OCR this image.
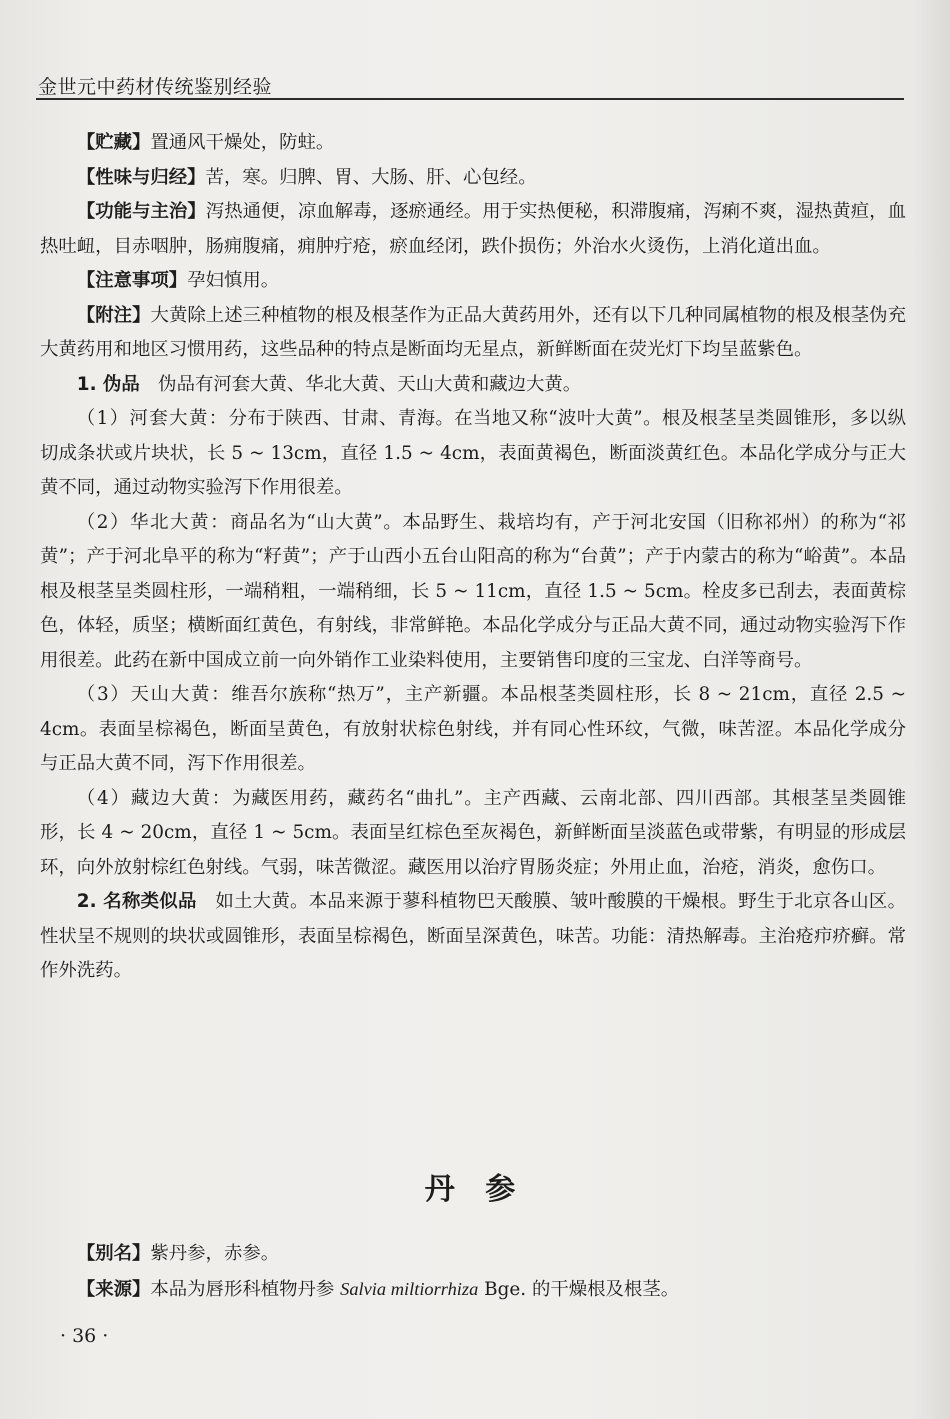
金世元中药材传统鉴别经验

【贮藏】置通风干燥处，防蛀。

【性味与归经】苦，寒。归脾、胃、大肠、肝、心包经。

【功能与主治】泻热通便，凉血解毒，逐瘀通经。用于实热便秘，积滞腹痛，泻痢不爽，湿热黄疸，血热吐衄，目赤咽肿，肠痈腹痛，痈肿疔疮，瘀血经闭，跌仆损伤；外治水火烫伤，上消化道出血。

【注意事项】孕妇慎用。

【附注】大黄除上述三种植物的根及根茎作为正品大黄药用外，还有以下几种同属植物的根及根茎伪充大黄药用和地区习惯用药，这些品种的特点是断面均无星点，新鲜断面在荧光灯下均呈蓝紫色。

1. 伪品　 伪品有河套大黄、华北大黄、天山大黄和藏边大黄。

（1）河套大黄：分布于陕西、甘肃、青海。在当地又称“波叶大黄”。根及根茎呈类圆锥形，多以纵切成条状或片块状，长 5 ~ 13cm，直径 1.5 ~ 4cm，表面黄褐色，断面淡黄红色。本品化学成分与正大黄不同，通过动物实验泻下作用很差。

（2）华北大黄：商品名为“山大黄”。本品野生、栽培均有，产于河北安国（旧称祁州）的称为“祁黄”；产于河北阜平的称为“籽黄”；产于山西小五台山阳高的称为“台黄”；产于内蒙古的称为“峪黄”。本品根及根茎呈类圆柱形，一端稍粗，一端稍细，长 5 ~ 11cm，直径 1.5 ~ 5cm。栓皮多已刮去，表面黄棕色，体轻，质坚；横断面红黄色，有射线，非常鲜艳。本品化学成分与正品大黄不同，通过动物实验泻下作用很差。此药在新中国成立前一向外销作工业染料使用，主要销售印度的三宝龙、白洋等商号。

（3）天山大黄：维吾尔族称“热万”，主产新疆。本品根茎类圆柱形，长 8 ~ 21cm，直径 2.5 ~ 4cm。表面呈棕褐色，断面呈黄色，有放射状棕色射线，并有同心性环纹，气微，味苦涩。本品化学成分与正品大黄不同，泻下作用很差。

（4）藏边大黄：为藏医用药，藏药名“曲扎”。主产西藏、云南北部、四川西部。其根茎呈类圆锥形，长 4 ~ 20cm，直径 1 ~ 5cm。表面呈红棕色至灰褐色，新鲜断面呈淡蓝色或带紫，有明显的形成层环，向外放射棕红色射线。气弱，味苦微涩。藏医用以治疗胃肠炎症；外用止血，治疮，消炎，愈伤口。

2. 名称类似品　 如土大黄。本品来源于蓼科植物巴天酸膜、皱叶酸膜的干燥根。野生于北京各山区。性状呈不规则的块状或圆锥形，表面呈棕褐色，断面呈深黄色，味苦。功能：清热解毒。主治疮疖疥癣。常作外洗药。

丹 参

【别名】紫丹参，赤参。

【来源】本品为唇形科植物丹参 Salvia miltiorrhiza Bge. 的干燥根及根茎。

· 36 ·
